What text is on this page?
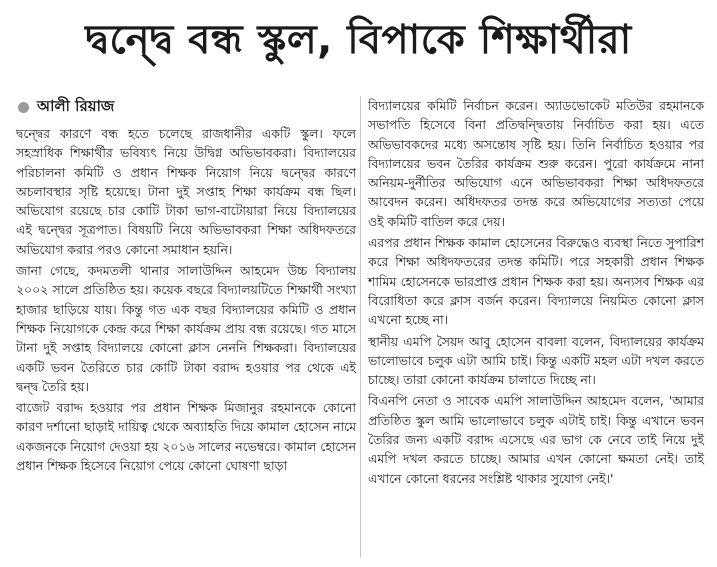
দ্বন্দ্বে বন্ধ স্কুল, বিপাকে শিক্ষার্থীরা
আলী রিয়াজ

দ্বন্দ্বের কারণে বন্ধ হতে চলেছে রাজধানীর একটি স্কুল। ফলে সহস্রাধিক শিক্ষার্থীর ভবিষ্যৎ নিয়ে উদ্বিগ্ন অভিভাবকরা। বিদ্যালয়ের পরিচালনা কমিটি ও প্রধান শিক্ষক নিয়োগ নিয়ে দ্বন্দ্বের কারণে অচলাবস্থার সৃষ্টি হয়েছে। টানা দুই সপ্তাহ শিক্ষা কার্যক্রম বন্ধ ছিল। অভিযোগ রয়েছে চার কোটি টাকা ভাগ-বাটোয়ারা নিয়ে বিদ্যালয়ের এই দ্বন্দ্বের সূত্রপাত। বিষয়টি নিয়ে অভিভাবকরা শিক্ষা অধিদফতরে অভিযোগ করার পরও কোনো সমাধান হয়নি।

জানা গেছে, কদমতলী থানার সালাউদ্দিন আহমেদ উচ্চ বিদ্যালয় ২০০২ সালে প্রতিষ্ঠিত হয়। কয়েক বছরে বিদ্যালয়টিতে শিক্ষার্থী সংখ্যা হাজার ছাড়িয়ে যায়। কিন্তু গত এক বছর বিদ্যালয়ের কমিটি ও প্রধান শিক্ষক নিয়োগকে কেন্দ্র করে শিক্ষা কার্যক্রম প্রায় বন্ধ রয়েছে। গত মাসে টানা দুই সপ্তাহ বিদ্যালয়ে কোনো ক্লাস নেননি শিক্ষকরা। বিদ্যালয়ের একটি ভবন তৈরিতে চার কোটি টাকা বরাদ্দ হওয়ার পর থেকে এই দ্বন্দ্ব তৈরি হয়।

বাজেট বরাদ্দ হওয়ার পর প্রধান শিক্ষক মিজানুর রহমানকে কোনো কারণ দর্শানো ছাড়াই দায়িত্ব থেকে অব্যাহতি দিয়ে কামাল হোসেন নামে একজনকে নিয়োগ দেওয়া হয় ২০১৬ সালের নভেম্বরে। কামাল হোসেন প্রধান শিক্ষক হিসেবে নিয়োগ পেয়ে কোনো ঘোষণা ছাড়া

বিদ্যালয়ের কমিটি নির্বাচন করেন। অ্যাডভোকেট মতিউর রহমানকে সভাপতি হিসেবে বিনা প্রতিদ্বন্দ্বিতায় নির্বাচিত করা হয়। এতে অভিভাবকদের মধ্যে অসন্তোষ সৃষ্টি হয়। তিনি নির্বাচিত হওয়ার পর বিদ্যালয়ের ভবন তৈরির কার্যক্রম শুরু করেন। পুরো কার্যক্রমে নানা অনিয়ম-দুর্নীতির অভিযোগ এনে অভিভাবকরা শিক্ষা অধিদফতরে আবেদন করেন। অধিদফতর তদন্ত করে অভিযোগের সত্যতা পেয়ে ওই কমিটি বাতিল করে দেয়।

এরপর প্রধান শিক্ষক কামাল হোসেনের বিরুদ্ধেও ব্যবস্থা নিতে সুপারিশ করে শিক্ষা অধিদফতরের তদন্ত কমিটি। পরে সহকারী প্রধান শিক্ষক শামিম হোসেনকে ভারপ্রাপ্ত প্রধান শিক্ষক করা হয়। অন্যসব শিক্ষক এর বিরোধিতা করে ক্লাস বর্জন করেন। বিদ্যালয়ে নিয়মিত কোনো ক্লাস এখনো হচ্ছে না।

স্থানীয় এমপি সৈয়দ আবু হোসেন বাবলা বলেন, বিদ্যালয়ের কার্যক্রম ভালোভাবে চলুক এটা আমি চাই। কিন্তু একটি মহল এটা দখল করতে চাচ্ছে। তারা কোনো কার্যক্রম চালাতে দিচ্ছে না।

বিএনপি নেতা ও সাবেক এমপি সালাউদ্দিন আহমেদ বলেন, 'আমার প্রতিষ্ঠিত স্কুল আমি ভালোভাবে চলুক এটাই চাই। কিন্তু এখানে ভবন তৈরির জন্য একটি বরাদ্দ এসেছে এর ভাগ কে নেবে তাই নিয়ে দুই এমপি দখল করতে চাচ্ছে। আমার এখন কোনো ক্ষমতা নেই। তাই এখানে কোনো ধরনের সংশ্লিষ্ট থাকার সুযোগ নেই।'
